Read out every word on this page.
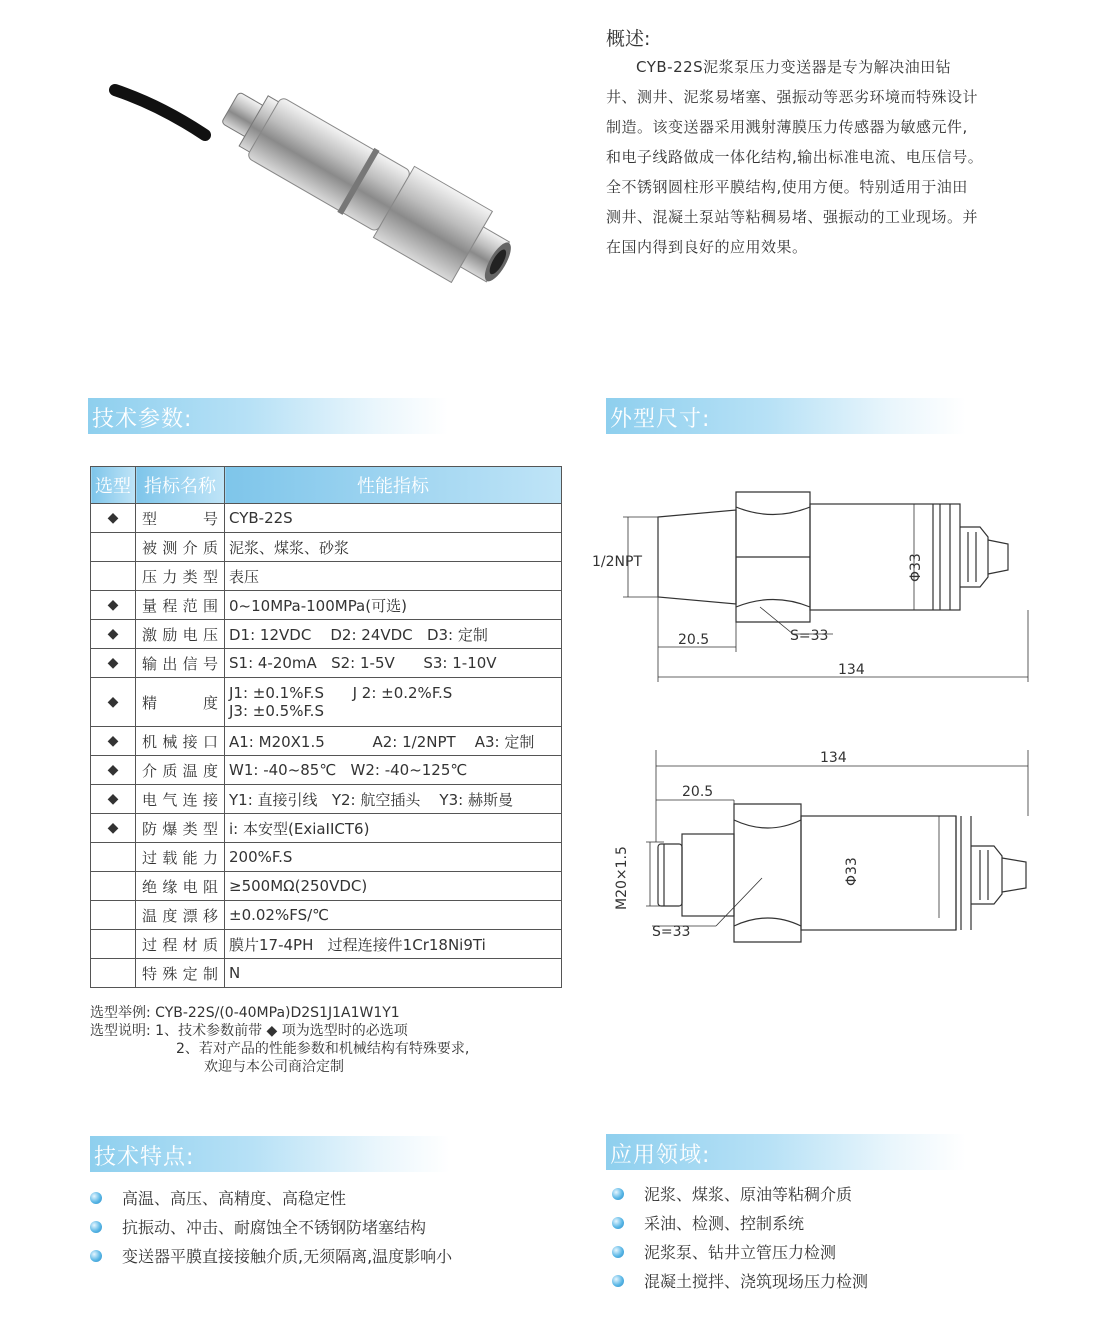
概述:

CYB-22S泥浆泵压力变送器是专为解决油田钻

井、测井、泥浆易堵塞、强振动等恶劣环境而特殊设计

制造。该变送器采用溅射薄膜压力传感器为敏感元件,

和电子线路做成一体化结构,输出标准电流、电压信号。

全不锈钢圆柱形平膜结构,使用方便。特别适用于油田

测井、混凝土泵站等粘稠易堵、强振动的工业现场。并

在国内得到良好的应用效果。

技术参数:	外型尺寸:
技术特点:	应用领域:
选型	指标名称	性能指标
◆	型号	CYB-22S
	被测介质	泥浆、煤浆、砂浆
	压力类型	表压
◆	量程范围	0~10MPa-100MPa(可选)
◆	激励电压	D1: 12VDC    D2: 24VDC   D3: 定制
◆	输出信号	S1: 4-20mA   S2: 1-5V      S3: 1-10V
◆	精度	J1: ±0.1%F.S      J 2: ±0.2%F.S
J3: ±0.5%F.S

◆	机械接口	A1: M20X1.5          A2: 1/2NPT    A3: 定制
◆	介质温度	W1: -40~85℃   W2: -40~125℃
◆	电气连接	Y1: 直接引线   Y2: 航空插头    Y3: 赫斯曼
◆	防爆类型	i: 本安型(ExiaIICT6)
	过载能力	200%F.S
	绝缘电阻	≥500MΩ(250VDC)
	温度漂移	±0.02%FS/℃
	过程材质	膜片17-4PH   过程连接件1Cr18Ni9Ti
	特殊定制	N
选型举例: CYB-22S/(0-40MPa)D2S1J1A1W1Y1
选型说明: 1、技术参数前带 ◆ 项为选型时的必选项
2、若对产品的性能参数和机械结构有特殊要求,
欢迎与本公司商洽定制
1/2NPT
20.5	S=33
134
Φ33
134
20.5
S=33
M20×1.5	Φ33
高温、高压、高精度、高稳定性
抗振动、冲击、耐腐蚀全不锈钢防堵塞结构
变送器平膜直接接触介质,无须隔离,温度影响小
泥浆、煤浆、原油等粘稠介质
采油、检测、控制系统
泥浆泵、钻井立管压力检测
混凝土搅拌、浇筑现场压力检测
